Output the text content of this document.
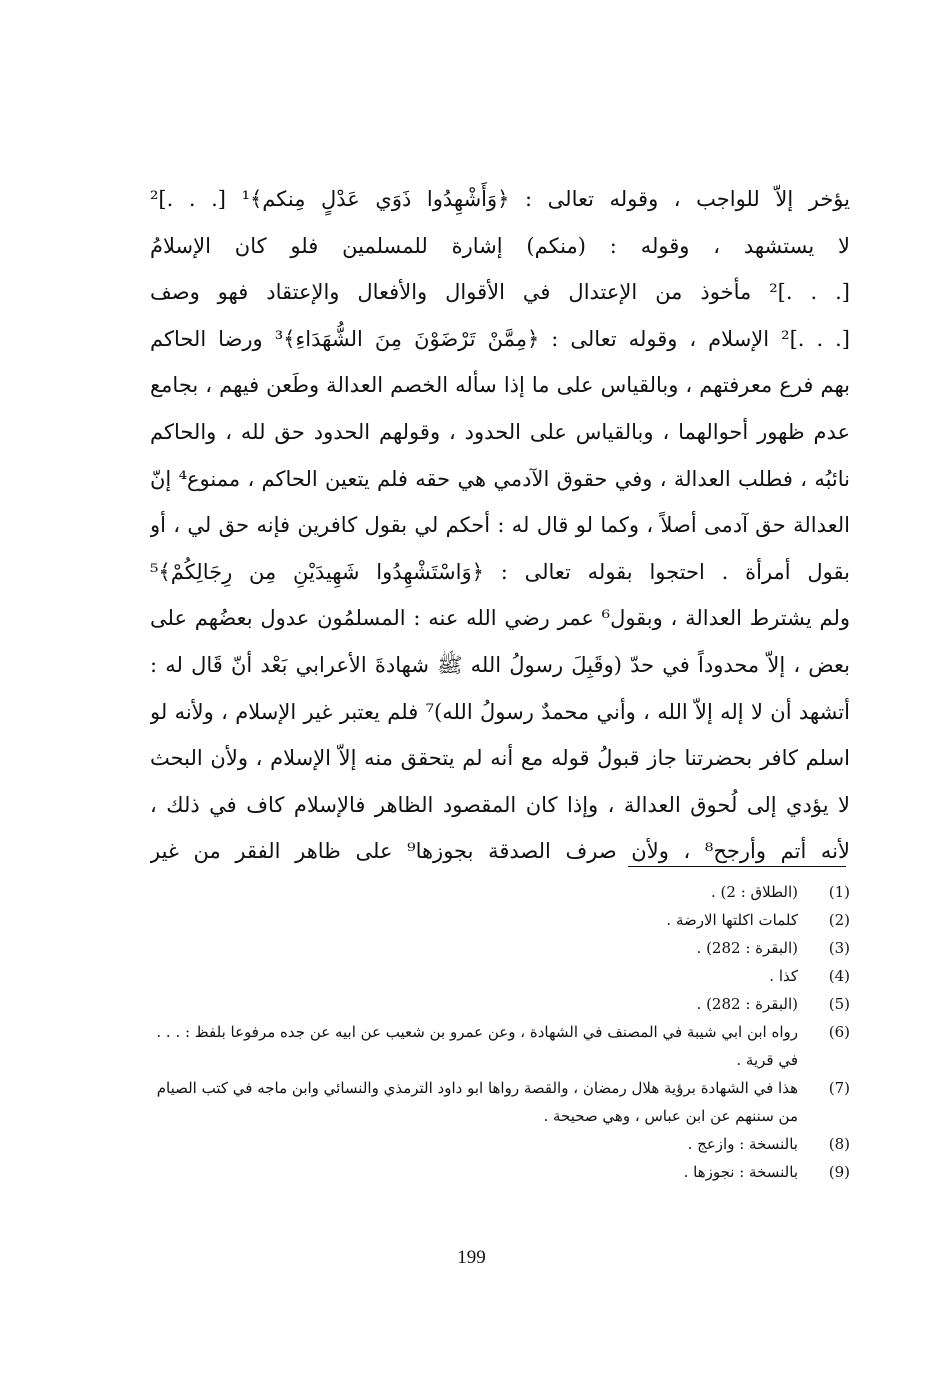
يؤخر إلاّ للواجب ، وقوله تعالى : ﴿وَأَشْهِدُوا ذَوَي عَدْلٍ مِنكم﴾¹ [. . .]²
لا يستشهد ، وقوله : (منكم) إشارة للمسلمين فلو كان الإسلامُ
[. . .]² مأخوذ من الإعتدال في الأقوال والأفعال والإعتقاد فهو وصف
[. . .]² الإسلام ، وقوله تعالى : ﴿مِمَّنْ تَرْضَوْنَ مِنَ الشُّهَدَاءِ﴾³ ورضا الحاكم
بهم فرع معرفتهم ، وبالقياس على ما إذا سأله الخصم العدالة وطَعن فيهم ، بجامع
عدم ظهور أحوالهما ، وبالقياس على الحدود ، وقولهم الحدود حق لله ، والحاكم
نائبُه ، فطلب العدالة ، وفي حقوق الآدمي هي حقه فلم يتعين الحاكم ، ممنوع⁴ إنّ
العدالة حق آدمى أصلاً ، وكما لو قال له : أحكم لي بقول كافرين فإنه حق لي ، أو
بقول أمرأة . احتجوا بقوله تعالى : ﴿وَاسْتَشْهِدُوا شَهِيدَيْنِ مِن رِجَالِكُمْ﴾⁵
ولم يشترط العدالة ، وبقول⁶ عمر رضي الله عنه : المسلمُون عدول بعضُهم على
بعض ، إلاّ محدوداً في حدّ (وقَبِلَ رسولُ الله ﷺ شهادةَ الأعرابي بَعْد أنّ قَال له :
أتشهد أن لا إله إلاّ الله ، وأني محمدٌ رسولُ الله)⁷ فلم يعتبر غير الإسلام ، ولأنه لو
اسلم كافر بحضرتنا جاز قبولُ قوله مع أنه لم يتحقق منه إلاّ الإسلام ، ولأن البحث
لا يؤدي إلى لُحوق العدالة ، وإذا كان المقصود الظاهر فالإسلام كاف في ذلك ،
لأنه أتم وأرجح⁸ ، ولأن صرف الصدقة بجوزها⁹ على ظاهر الفقر من غير
(1)
(الطلاق : 2) .
(2)
كلمات اكلتها الارضة .
(3)
(البقرة : 282) .
(4)
كذا .
(5)
(البقرة : 282) .
(6)
رواه ابن ابي شيبة في المصنف في الشهادة ، وعن عمرو بن شعيب عن ابيه عن جده مرفوعا بلفظ : . . . في قرية .
(7)
هذا في الشهادة برؤية هلال رمضان ، والقصة رواها ابو داود الترمذي والنسائي وابن ماجه في كتب الصيام من سننهم عن ابن عباس ، وهي صحيحة .
(8)
بالنسخة : وازعج .
(9)
بالنسخة : نجوزها .
199
